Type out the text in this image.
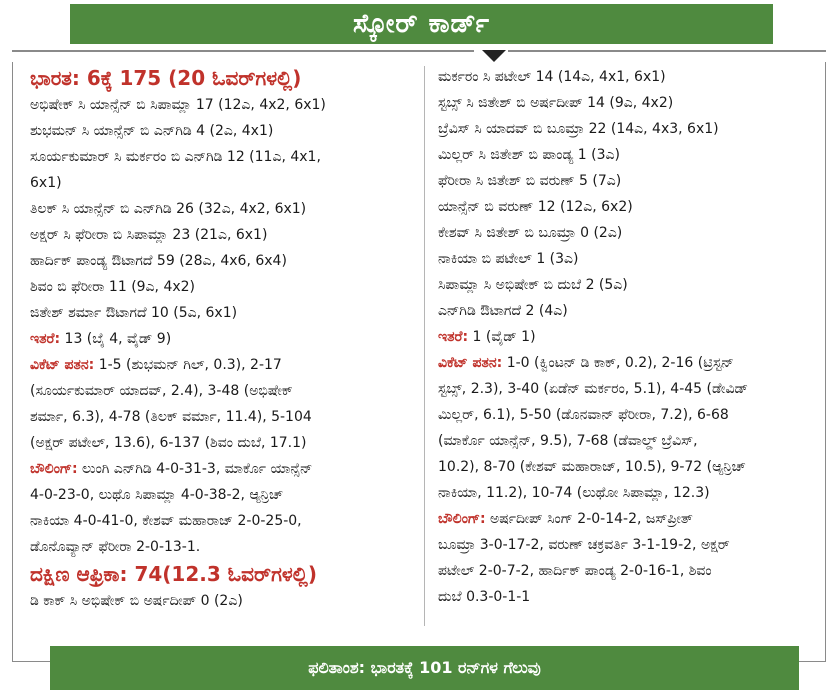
ಸ್ಕೋರ್ ಕಾರ್ಡ್
ಭಾರತ: 6ಕ್ಕೆ 175 (20 ಓವರ್‌ಗಳಲ್ಲಿ)
ಅಭಿಷೇಕ್ ಸಿ ಯಾನ್ಸೆನ್ ಬಿ ಸಿಪಾಮ್ಲಾ 17 (12ಎ, 4x2, 6x1)
ಶುಭಮನ್ ಸಿ ಯಾನ್ಸೆನ್ ಬಿ ಎನ್‌ಗಿಡಿ 4 (2ಎ, 4x1)
ಸೂರ್ಯಕುಮಾರ್ ಸಿ ಮರ್ಕರಂ ಬಿ ಎನ್‌ಗಿಡಿ 12 (11ಎ, 4x1,
6x1)
ತಿಲಕ್ ಸಿ ಯಾನ್ಸೆನ್ ಬಿ ಎನ್‌ಗಿಡಿ 26 (32ಎ, 4x2, 6x1)
ಅಕ್ಷರ್ ಸಿ ಫೆರೀರಾ ಬಿ ಸಿಪಾಮ್ಲಾ 23 (21ಎ, 6x1)
ಹಾರ್ದಿಕ್ ಪಾಂಡ್ಯ ಔಟಾಗದೆ 59 (28ಎ, 4x6, 6x4)
ಶಿವಂ ಬಿ ಫೆರೀರಾ 11 (9ಎ, 4x2)
ಜಿತೇಶ್ ಶರ್ಮಾ ಔಟಾಗದೆ 10 (5ಎ, 6x1)
ಇತರೆ: 13 (ಬೈ 4, ವೈಡ್ 9)
ವಿಕೆಟ್ ಪತನ: 1-5 (ಶುಭಮನ್ ಗಿಲ್, 0.3), 2-17
(ಸೂರ್ಯಕುಮಾರ್ ಯಾದವ್, 2.4), 3-48 (ಅಭಿಷೇಕ್
ಶರ್ಮಾ, 6.3), 4-78 (ತಿಲಕ್ ವರ್ಮಾ, 11.4), 5-104
(ಅಕ್ಷರ್ ಪಟೇಲ್, 13.6), 6-137 (ಶಿವಂ ದುಬೆ, 17.1)
ಬೌಲಿಂಗ್: ಲುಂಗಿ ಎನ್‌ಗಿಡಿ 4-0-31-3, ಮಾರ್ಕೊ ಯಾನ್ಸೆನ್
4-0-23-0, ಲುಥೊ ಸಿಪಾಮ್ಲಾ 4-0-38-2, ಆ್ಯನ್ರಿಚ್
ನಾಕಿಯಾ 4-0-41-0, ಕೇಶವ್ ಮಹಾರಾಜ್ 2-0-25-0,
ಡೊನೊವ್ಯಾನ್ ಫೆರೀರಾ 2-0-13-1.
ದಕ್ಷಿಣ ಆಫ್ರಿಕಾ: 74(12.3 ಓವರ್‌ಗಳಲ್ಲಿ)
ಡಿ ಕಾಕ್ ಸಿ ಅಭಿಷೇಕ್ ಬಿ ಅರ್ಷದೀಪ್ 0 (2ಎ)
ಮರ್ಕರಂ ಸಿ ಪಟೇಲ್ 14 (14ಎ, 4x1, 6x1)
ಸ್ಟಬ್ಸ್ ಸಿ ಜಿತೇಶ್ ಬಿ ಅರ್ಷದೀಪ್ 14 (9ಎ, 4x2)
ಬ್ರೆವಿಸ್ ಸಿ ಯಾದವ್ ಬಿ ಬೂಮ್ರಾ 22 (14ಎ, 4x3, 6x1)
ಮಿಲ್ಲರ್ ಸಿ ಜಿತೇಶ್ ಬಿ ಪಾಂಡ್ಯ 1 (3ಎ)
ಫೆರೀರಾ ಸಿ ಜಿತೇಶ್ ಬಿ ವರುಣ್ 5 (7ಎ)
ಯಾನ್ಸೆನ್ ಬಿ ವರುಣ್ 12 (12ಎ, 6x2)
ಕೇಶವ್ ಸಿ ಜಿತೇಶ್ ಬಿ ಬೂಮ್ರಾ 0 (2ಎ)
ನಾಕಿಯಾ ಬಿ ಪಟೇಲ್ 1 (3ಎ)
ಸಿಪಾಮ್ಲಾ ಸಿ ಅಭಿಷೇಕ್ ಬಿ ದುಬೆ 2 (5ಎ)
ಎನ್‌ಗಿಡಿ ಔಟಾಗದೆ 2 (4ಎ)
ಇತರೆ: 1 (ವೈಡ್ 1)
ವಿಕೆಟ್ ಪತನ: 1-0 (ಕ್ವಿಂಟನ್ ಡಿ ಕಾಕ್, 0.2), 2-16 (ಟ್ರಿಸ್ಟನ್
ಸ್ಟಬ್ಸ್, 2.3), 3-40 (ಏಡೆನ್ ಮರ್ಕರಂ, 5.1), 4-45 (ಡೇವಿಡ್
ಮಿಲ್ಲರ್, 6.1), 5-50 (ಡೊನವಾನ್ ಫೆರೀರಾ, 7.2), 6-68
(ಮಾರ್ಕೊ ಯಾನ್ಸೆನ್, 9.5), 7-68 (ಡೆವಾಲ್ಡ್ ಬ್ರೆವಿಸ್,
10.2), 8-70 (ಕೇಶವ್ ಮಹಾರಾಜ್, 10.5), 9-72 (ಆ್ಯನ್ರಿಚ್
ನಾಕಿಯಾ, 11.2), 10-74 (ಲುಥೋ ಸಿಪಾಮ್ಲಾ, 12.3)
ಬೌಲಿಂಗ್: ಅರ್ಷದೀಪ್ ಸಿಂಗ್ 2-0-14-2, ಜಸ್‌ಪ್ರೀತ್
ಬೂಮ್ರಾ 3-0-17-2, ವರುಣ್ ಚಕ್ರವರ್ತಿ 3-1-19-2, ಅಕ್ಷರ್
ಪಟೇಲ್ 2-0-7-2, ಹಾರ್ದಿಕ್ ಪಾಂಡ್ಯ 2-0-16-1, ಶಿವಂ
ದುಬೆ 0.3-0-1-1
ಫಲಿತಾಂಶ: ಭಾರತಕ್ಕೆ 101 ರನ್‌ಗಳ ಗೆಲುವು
